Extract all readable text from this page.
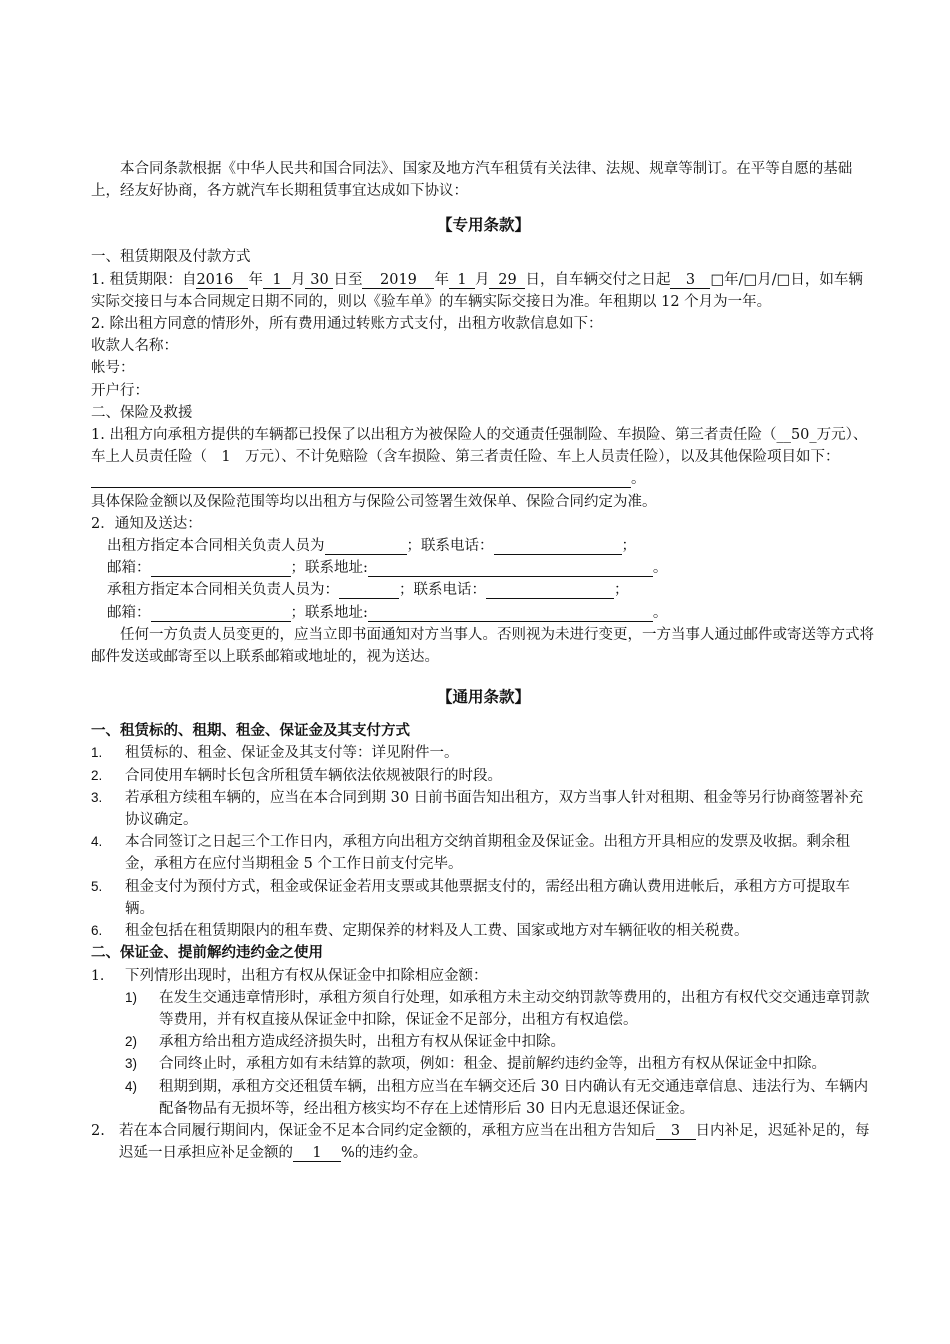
本合同条款根据《中华人民共和国合同法》、国家及地方汽车租赁有关法律、法规、规章等制订。在平等自愿的基础上，经友好协商，各方就汽车长期租赁事宜达成如下协议：

【专用条款】

一、租赁期限及付款方式

1. 租赁期限：自2016 年 1 月 30 日至 2019 年 1 月 29 日，自车辆交付之日起 3 □年/□月/□日，如车辆实际交接日与本合同规定日期不同的，则以《验车单》的车辆实际交接日为准。年租期以 12 个月为一年。

2. 除出租方同意的情形外，所有费用通过转账方式支付，出租方收款信息如下：

收款人名称：

帐号：

开户行：

二、保险及救援

1. 出租方向承租方提供的车辆都已投保了以出租方为被保险人的交通责任强制险、车损险、第三者责任险（__50_万元）、车上人员责任险（ 1 万元）、不计免赔险（含车损险、第三者责任险、车上人员责任险），以及其他保险项目如下： 。

具体保险金额以及保险范围等均以出租方与保险公司签署生效保单、保险合同约定为准。

2．通知及送达：

出租方指定本合同相关负责人员为	；联系电话：	；

邮箱：	；联系地址:	。

承租方指定本合同相关负责人员为：	；联系电话：	；

邮箱：	；联系地址:	。

任何一方负责人员变更的，应当立即书面通知对方当事人。否则视为未进行变更，一方当事人通过邮件或寄送等方式将邮件发送或邮寄至以上联系邮箱或地址的，视为送达。

【通用条款】

一、租赁标的、租期、租金、保证金及其支付方式

1.	租赁标的、租金、保证金及其支付等：详见附件一。
2.	合同使用车辆时长包含所租赁车辆依法依规被限行的时段。
3.	若承租方续租车辆的，应当在本合同到期 30 日前书面告知出租方，双方当事人针对租期、租金等另行协商签署补充协议确定。
4.	本合同签订之日起三个工作日内，承租方向出租方交纳首期租金及保证金。出租方开具相应的发票及收据。剩余租金，承租方在应付当期租金 5 个工作日前支付完毕。
5.	租金支付为预付方式，租金或保证金若用支票或其他票据支付的，需经出租方确认费用进帐后，承租方方可提取车辆。
6.	租金包括在租赁期限内的租车费、定期保养的材料及人工费、国家或地方对车辆征收的相关税费。

二、保证金、提前解约违约金之使用

1.	下列情形出现时，出租方有权从保证金中扣除相应金额：
1)	在发生交通违章情形时，承租方须自行处理，如承租方未主动交纳罚款等费用的，出租方有权代交交通违章罚款等费用，并有权直接从保证金中扣除，保证金不足部分，出租方有权追偿。
2)	承租方给出租方造成经济损失时，出租方有权从保证金中扣除。
3)	合同终止时，承租方如有未结算的款项，例如：租金、提前解约违约金等，出租方有权从保证金中扣除。
4)	租期到期，承租方交还租赁车辆，出租方应当在车辆交还后 30 日内确认有无交通违章信息、违法行为、车辆内配备物品有无损坏等，经出租方核实均不存在上述情形后 30 日内无息退还保证金。
2. 若在本合同履行期间内，保证金不足本合同约定金额的，承租方应当在出租方告知后 3 日内补足，迟延补足的，每迟延一日承担应补足金额的 1 %的违约金。
